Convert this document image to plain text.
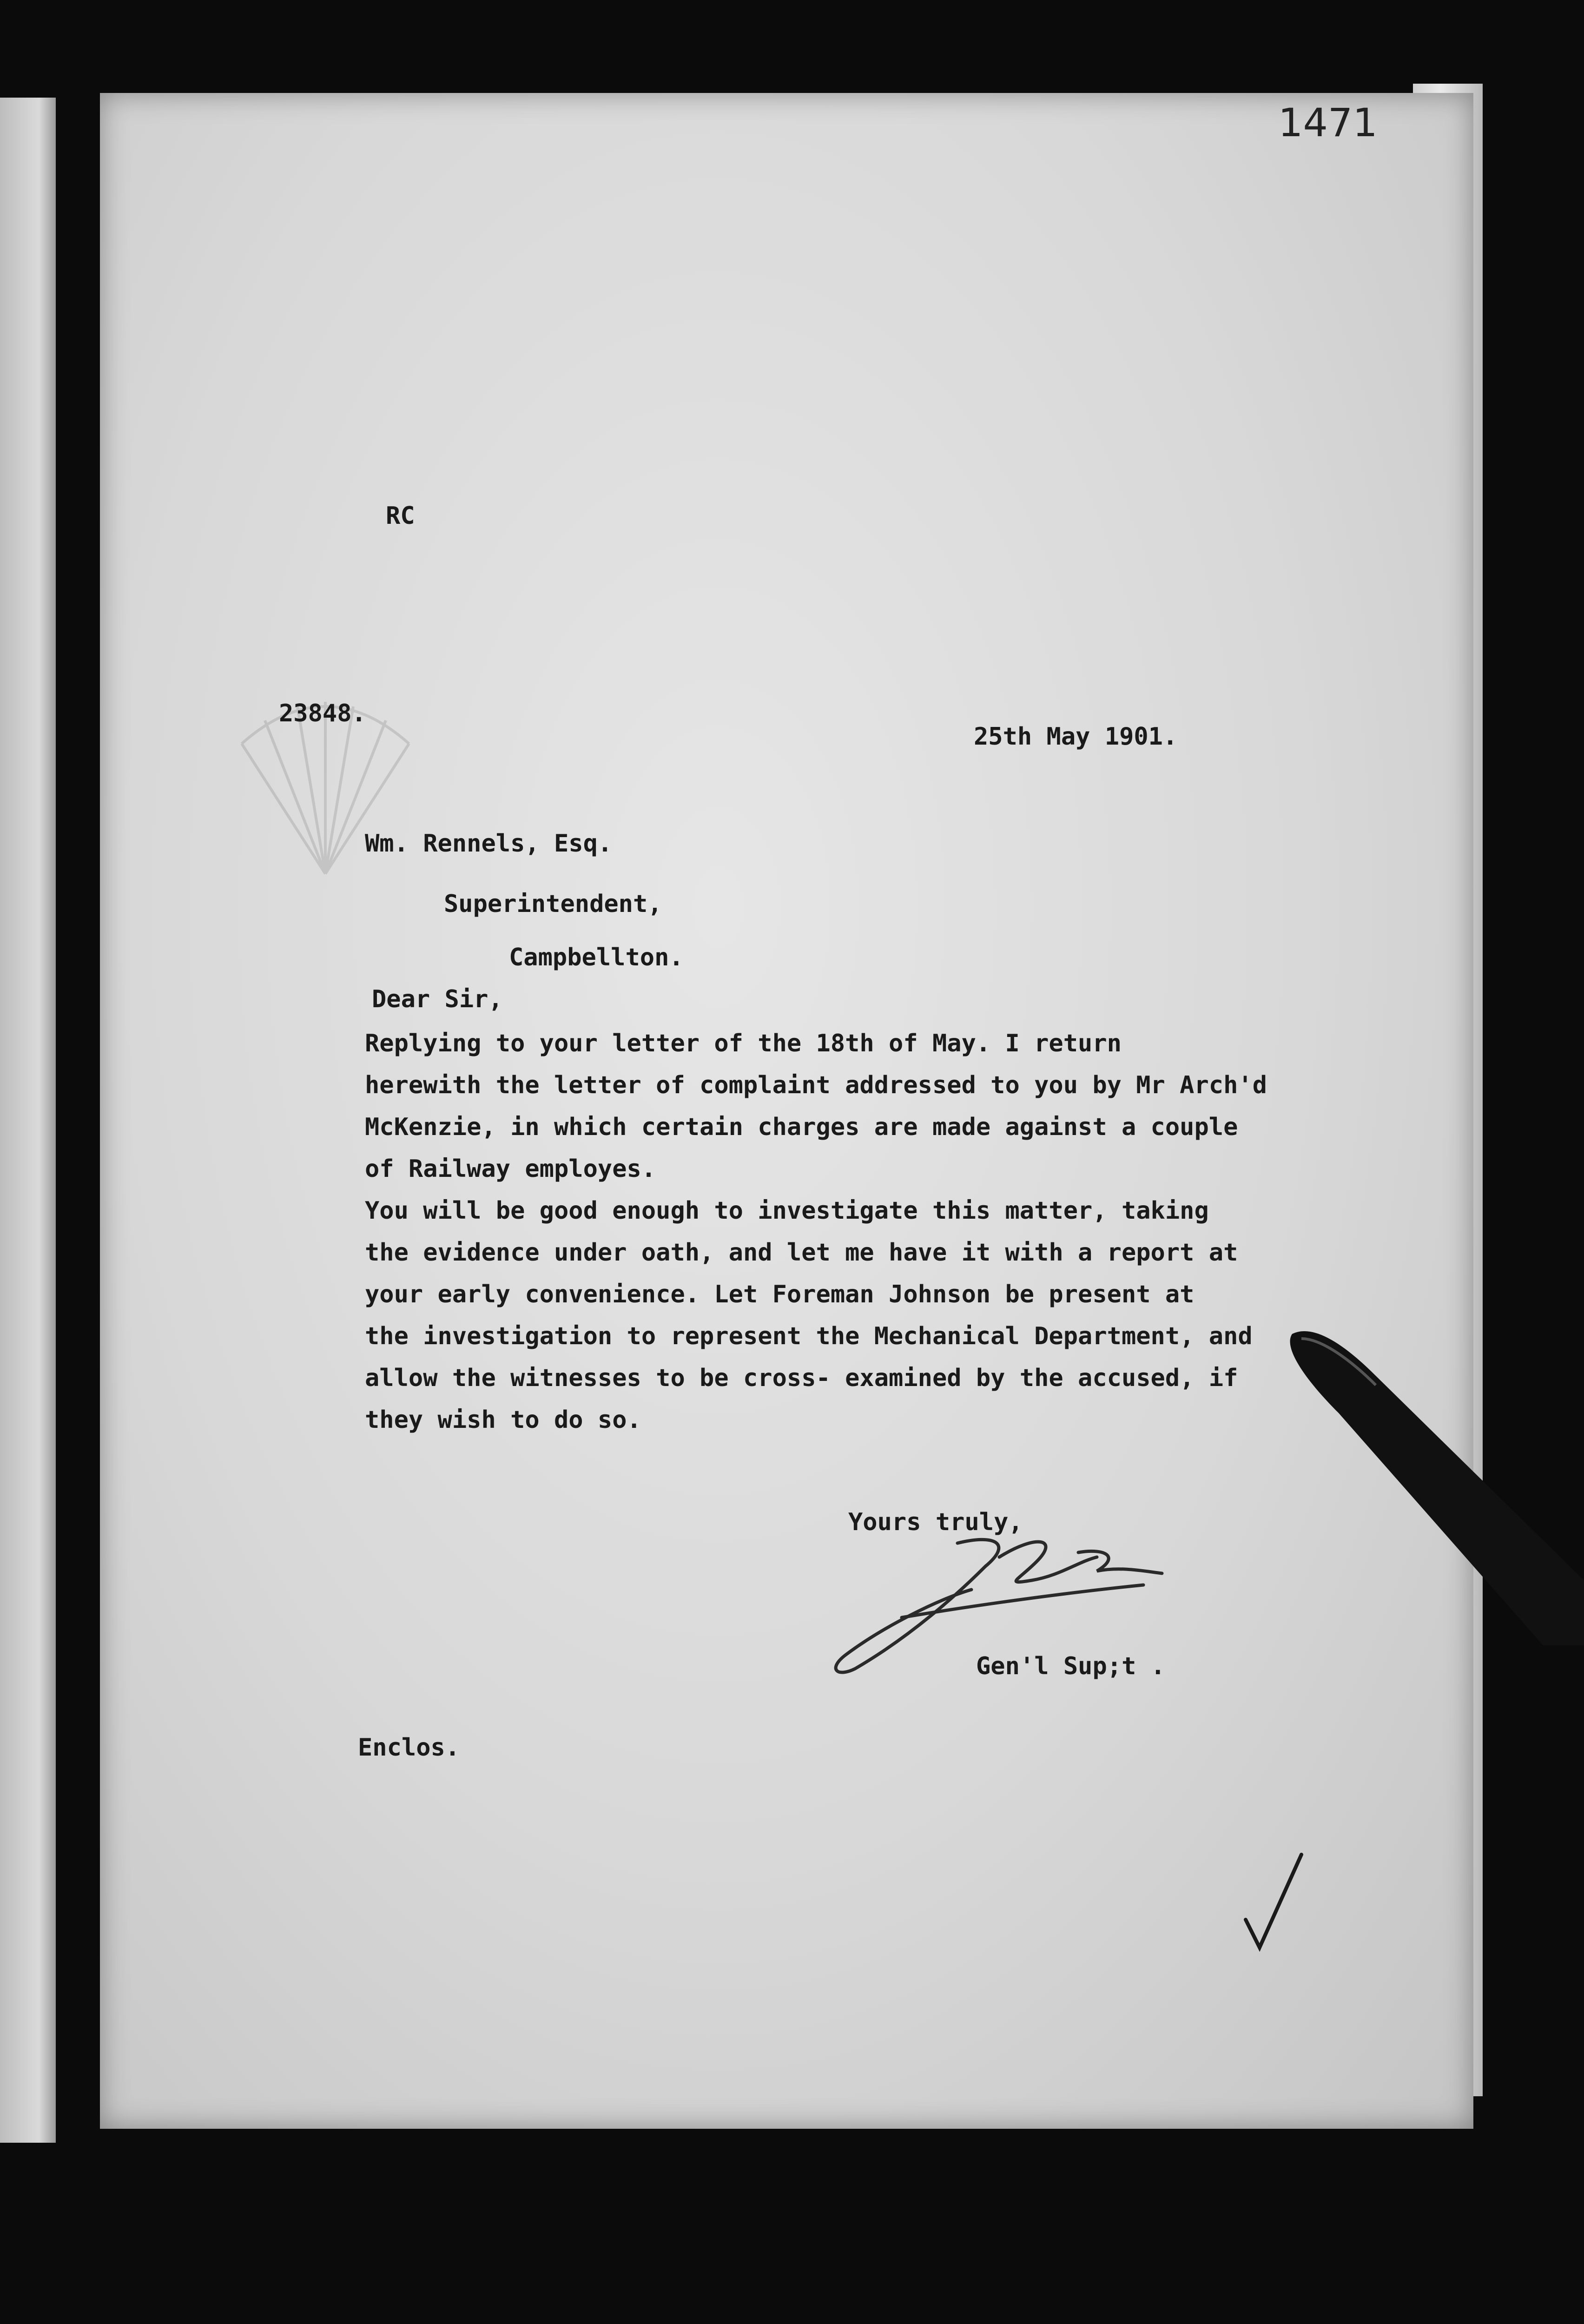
1471
RC
23848.
25th May 1901.
Wm. Rennels, Esq.
Superintendent,
Campbellton.
Dear Sir,
Replying to your letter of the 18th of May. I return
herewith the letter of complaint addressed to you by Mr Arch'd
McKenzie, in which certain charges are made against a couple
of Railway employes.
You will be good enough to investigate this matter, taking
the evidence under oath, and let me have it with a report at
your early convenience. Let Foreman Johnson be present at
the investigation to represent the Mechanical Department, and
allow the witnesses to be cross- examined by the accused, if
they wish to do so.
Yours truly,
Gen'l Sup;t .
Enclos.
